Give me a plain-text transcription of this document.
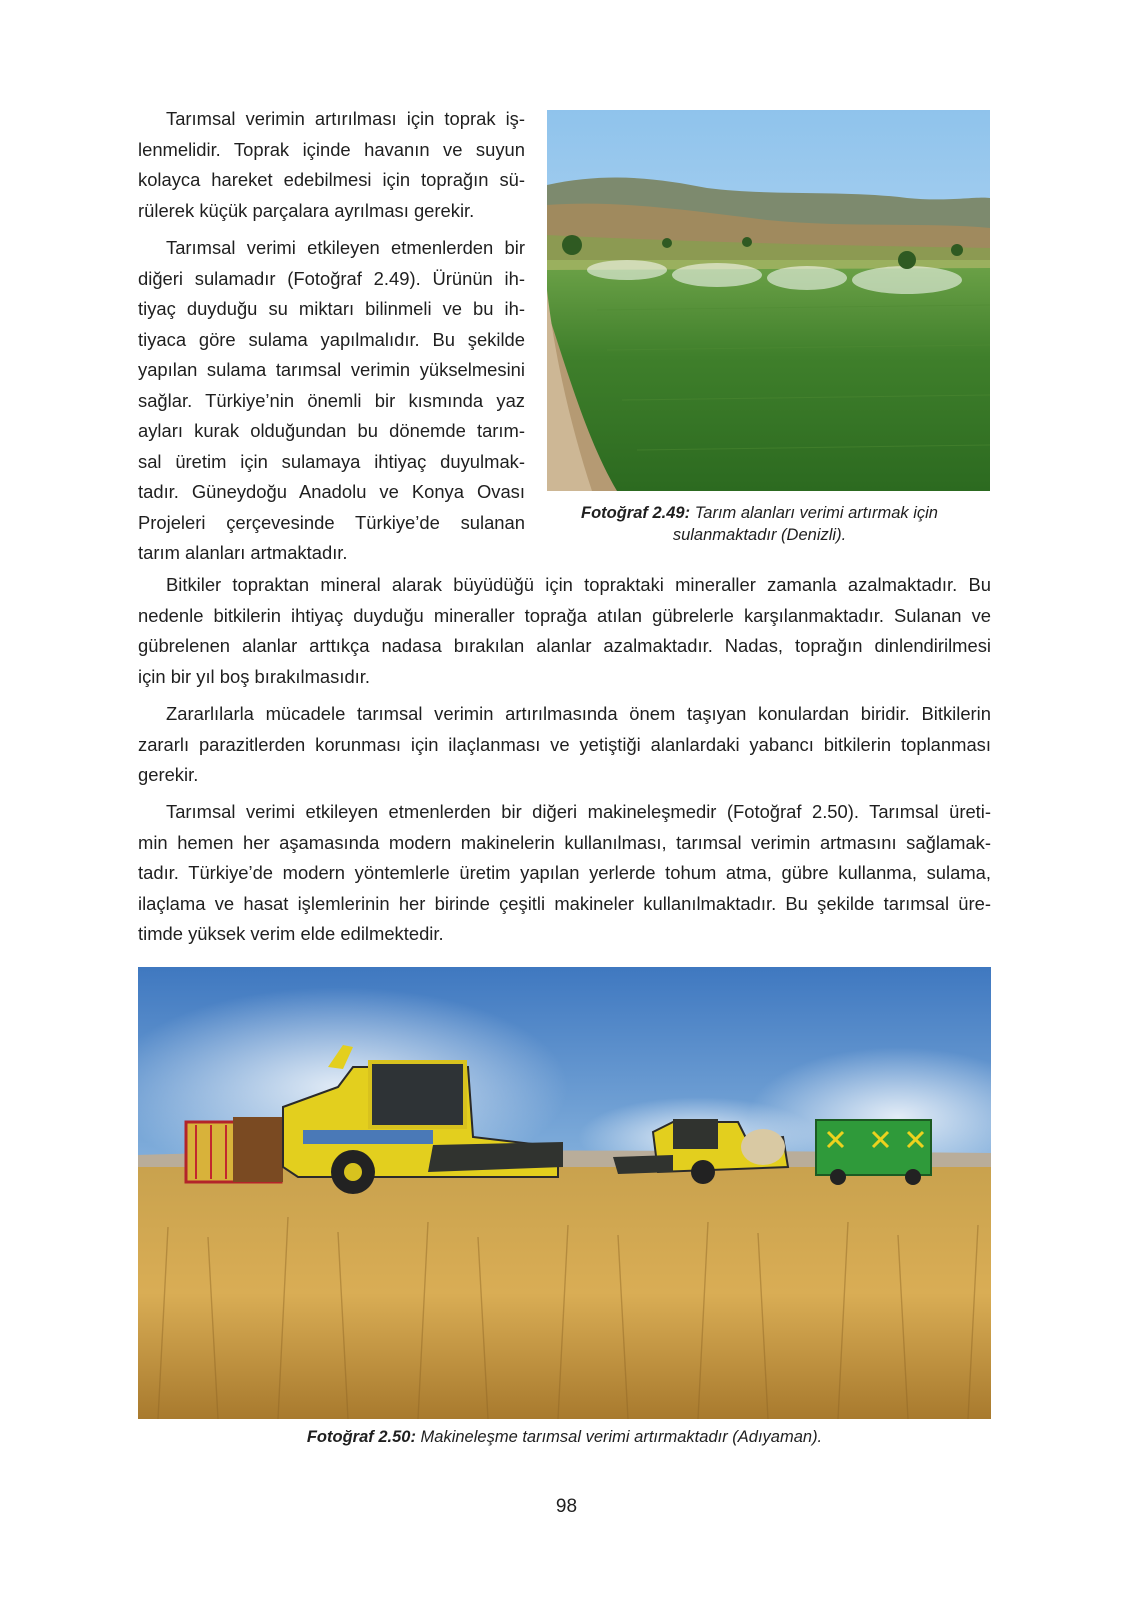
Tarımsal verimin artırılması için toprak iş-
lenmelidir. Toprak içinde havanın ve suyun
kolayca hareket edebilmesi için toprağın sü-
rülerek küçük parçalara ayrılması gerekir.
Tarımsal verimi etkileyen etmenlerden bir
diğeri sulamadır (Fotoğraf 2.49). Ürünün ih-
tiyaç duyduğu su miktarı bilinmeli ve bu ih-
tiyaca göre sulama yapılmalıdır. Bu şekilde
yapılan sulama tarımsal verimin yükselmesini
sağlar. Türkiye’nin önemli bir kısmında yaz
ayları kurak olduğundan bu dönemde tarım-
sal üretim için sulamaya ihtiyaç duyulmak-
tadır. Güneydoğu Anadolu ve Konya Ovası
Projeleri çerçevesinde Türkiye’de sulanan
tarım alanları artmaktadır.
Fotoğraf 2.49: Tarım alanları verimi artırmak için
sulanmaktadır (Denizli).
Bitkiler topraktan mineral alarak büyüdüğü için topraktaki mineraller zamanla azalmaktadır. Bu
nedenle bitkilerin ihtiyaç duyduğu mineraller toprağa atılan gübrelerle karşılanmaktadır. Sulanan ve
gübrelenen alanlar arttıkça nadasa bırakılan alanlar azalmaktadır. Nadas, toprağın dinlendirilmesi
için bir yıl boş bırakılmasıdır.
Zararlılarla mücadele tarımsal verimin artırılmasında önem taşıyan konulardan biridir. Bitkilerin
zararlı parazitlerden korunması için ilaçlanması ve yetiştiği alanlardaki yabancı bitkilerin toplanması
gerekir.
Tarımsal verimi etkileyen etmenlerden bir diğeri makineleşmedir (Fotoğraf 2.50). Tarımsal üreti-
min hemen her aşamasında modern makinelerin kullanılması, tarımsal verimin artmasını sağlamak-
tadır. Türkiye’de modern yöntemlerle üretim yapılan yerlerde tohum atma, gübre kullanma, sulama,
ilaçlama ve hasat işlemlerinin her birinde çeşitli makineler kullanılmaktadır. Bu şekilde tarımsal üre-
timde yüksek verim elde edilmektedir.
Fotoğraf 2.50: Makineleşme tarımsal verimi artırmaktadır (Adıyaman).
98
